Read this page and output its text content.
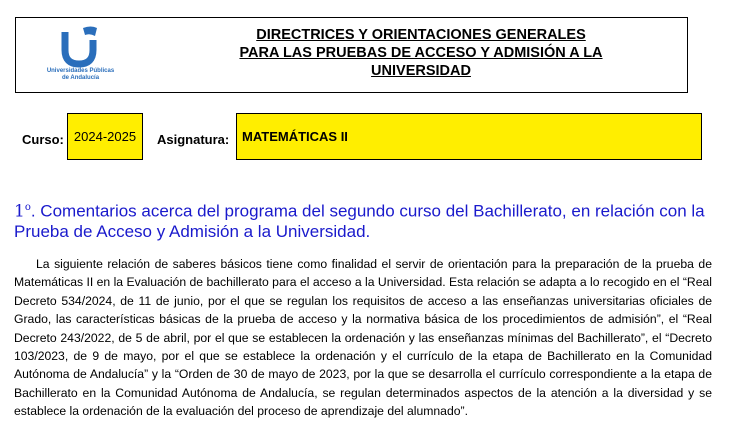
Universidades Públicas de Andalucía
DIRECTRICES Y ORIENTACIONES GENERALES
PARA LAS PRUEBAS DE ACCESO Y ADMISIÓN A LA
UNIVERSIDAD
Curso: 2024-2025 Asignatura: MATEMÁTICAS II
1$^o$. Comentarios acerca del programa del segundo curso del Bachillerato, en relación con la Prueba de Acceso y Admisión a la Universidad.
La siguiente relación de saberes básicos tiene como finalidad el servir de orientación para la preparación de la prueba de Matemáticas II en la Evaluación de bachillerato para el acceso a la Universidad. Esta relación se adapta a lo recogido en el “Real Decreto 534/2024, de 11 de junio, por el que se regulan los requisitos de acceso a las enseñanzas universitarias oficiales de Grado, las características básicas de la prueba de acceso y la normativa básica de los procedimientos de admisión”, el “Real Decreto 243/2022, de 5 de abril, por el que se establecen la ordenación y las enseñanzas mínimas del Bachillerato”, el “Decreto 103/2023, de 9 de mayo, por el que se establece la ordenación y el currículo de la etapa de Bachillerato en la Comunidad Autónoma de Andalucía” y la “Orden de 30 de mayo de 2023, por la que se desarrolla el currículo correspondiente a la etapa de Bachillerato en la Comunidad Autónoma de Andalucía, se regulan determinados aspectos de la atención a la diversidad y se establece la ordenación de la evaluación del proceso de aprendizaje del alumnado”.
